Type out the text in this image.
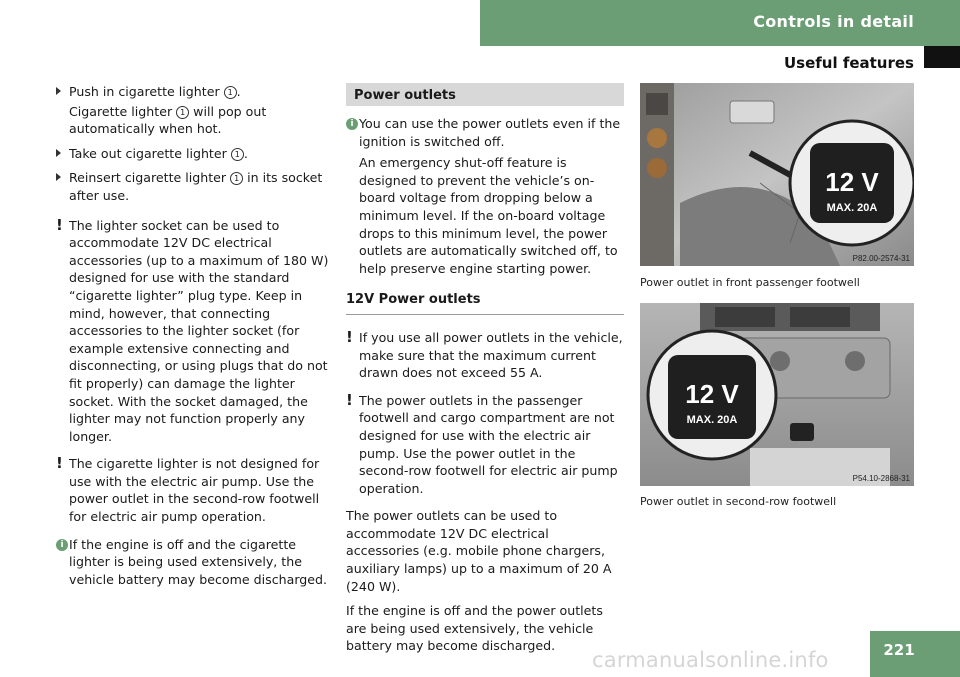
Controls in detail
Useful features

Push in cigarette lighter 1 .

Cigarette lighter 1 will pop out automatically when hot.

Take out cigarette lighter 1 .

Reinsert cigarette lighter 1 in its socket after use.

! The lighter socket can be used to accommodate 12V DC electrical accessories (up to a maximum of 180 W) designed for use with the standard “cigarette lighter” plug type. Keep in mind, however, that connecting accessories to the lighter socket (for example extensive connecting and disconnecting, or using plugs that do not fit properly) can damage the lighter socket. With the socket damaged, the lighter may not function properly any longer.

! The cigarette lighter is not designed for use with the electric air pump. Use the power outlet in the second-row footwell for electric air pump operation.

i If the engine is off and the cigarette lighter is being used extensively, the vehicle battery may become discharged.

Power outlets

i You can use the power outlets even if the ignition is switched off.

An emergency shut-off feature is designed to prevent the vehicle’s on-board voltage from dropping below a minimum level. If the on-board voltage drops to this minimum level, the power outlets are automatically switched off, to help preserve engine starting power.

12V Power outlets

! If you use all power outlets in the vehicle, make sure that the maximum current drawn does not exceed 55 A.

! The power outlets in the passenger footwell and cargo compartment are not designed for use with the electric air pump. Use the power outlet in the second-row footwell for electric air pump operation.

The power outlets can be used to accommodate 12V DC electrical accessories (e.g. mobile phone chargers, auxiliary lamps) up to a maximum of 20 A (240 W).

If the engine is off and the power outlets are being used extensively, the vehicle battery may become discharged.

12 V
MAX. 20A
P82.00-2574-31
Power outlet in front passenger footwell
12 V
MAX. 20A
P54.10-2868-31
Power outlet in second-row footwell
221
carmanualsonline.info
